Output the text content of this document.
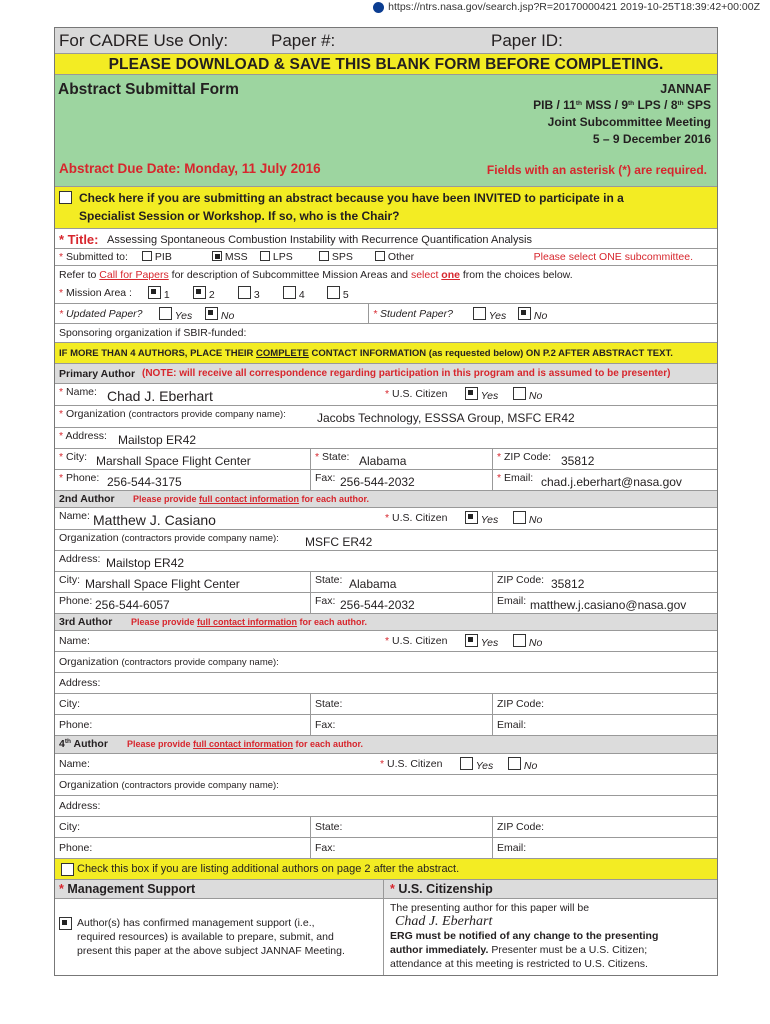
https://ntrs.nasa.gov/search.jsp?R=20170000421 2019-10-25T18:39:42+00:00Z
For CADRE Use Only:	Paper #:	Paper ID:
PLEASE DOWNLOAD & SAVE THIS BLANK FORM BEFORE COMPLETING.
Abstract Submittal Form	JANNAF
PIB / 11th MSS / 9th LPS / 8th SPS
Joint Subcommittee Meeting
5 – 9 December 2016
Abstract Due Date: Monday, 11 July 2016	Fields with an asterisk (*) are required.
Check here if you are submitting an abstract because you have been INVITED to participate in a
Specialist Session or Workshop. If so, who is the Chair?
* Title: Assessing Spontaneous Combustion Instability with Recurrence Quantification Analysis
* Submitted to:	PIB	MSS	LPS	SPS	Other	Please select ONE subcommittee.
Refer to Call for Papers for description of Subcommittee Mission Areas and select one from the choices below.
* Mission Area :	1	2	3	4	5
* Updated Paper?	Yes	No	* Student Paper?	Yes	No
Sponsoring organization if SBIR-funded:
IF MORE THAN 4 AUTHORS, PLACE THEIR COMPLETE CONTACT INFORMATION (as requested below) ON P.2 AFTER ABSTRACT TEXT.
Primary Author (NOTE: will receive all correspondence regarding participation in this program and is assumed to be presenter)
* Name: Chad J. Eberhart	* U.S. Citizen	Yes	No
* Organization (contractors provide company name):	Jacobs Technology, ESSSA Group, MSFC ER42
* Address: Mailstop ER42
* City: Marshall Space Flight Center	* State: Alabama	* ZIP Code: 35812
* Phone: 256-544-3175	Fax: 256-544-2032	* Email: chad.j.eberhart@nasa.gov
2nd Author Please provide full contact information for each author.
Name: Matthew J. Casiano	* U.S. Citizen	Yes	No
Organization (contractors provide company name): MSFC ER42
Address: Mailstop ER42
City: Marshall Space Flight Center	State: Alabama	ZIP Code: 35812
Phone: 256-544-6057	Fax: 256-544-2032	Email: matthew.j.casiano@nasa.gov
3rd Author Please provide full contact information for each author.
Name:	* U.S. Citizen	Yes	No
Organization (contractors provide company name):
Address:
City:	State:	ZIP Code:
Phone:	Fax:	Email:
4th Author Please provide full contact information for each author.
Name:	* U.S. Citizen	Yes	No
Organization (contractors provide company name):
Address:
City:	State:	ZIP Code:
Phone:	Fax:	Email:
Check this box if you are listing additional authors on page 2 after the abstract.
* Management Support	* U.S. Citizenship
Author(s) has confirmed management support (i.e.,
required resources) is available to prepare, submit, and
present this paper at the above subject JANNAF Meeting.
The presenting author for this paper will be
Chad J. Eberhart
ERG must be notified of any change to the presenting
author immediately. Presenter must be a U.S. Citizen;
attendance at this meeting is restricted to U.S. Citizens.
